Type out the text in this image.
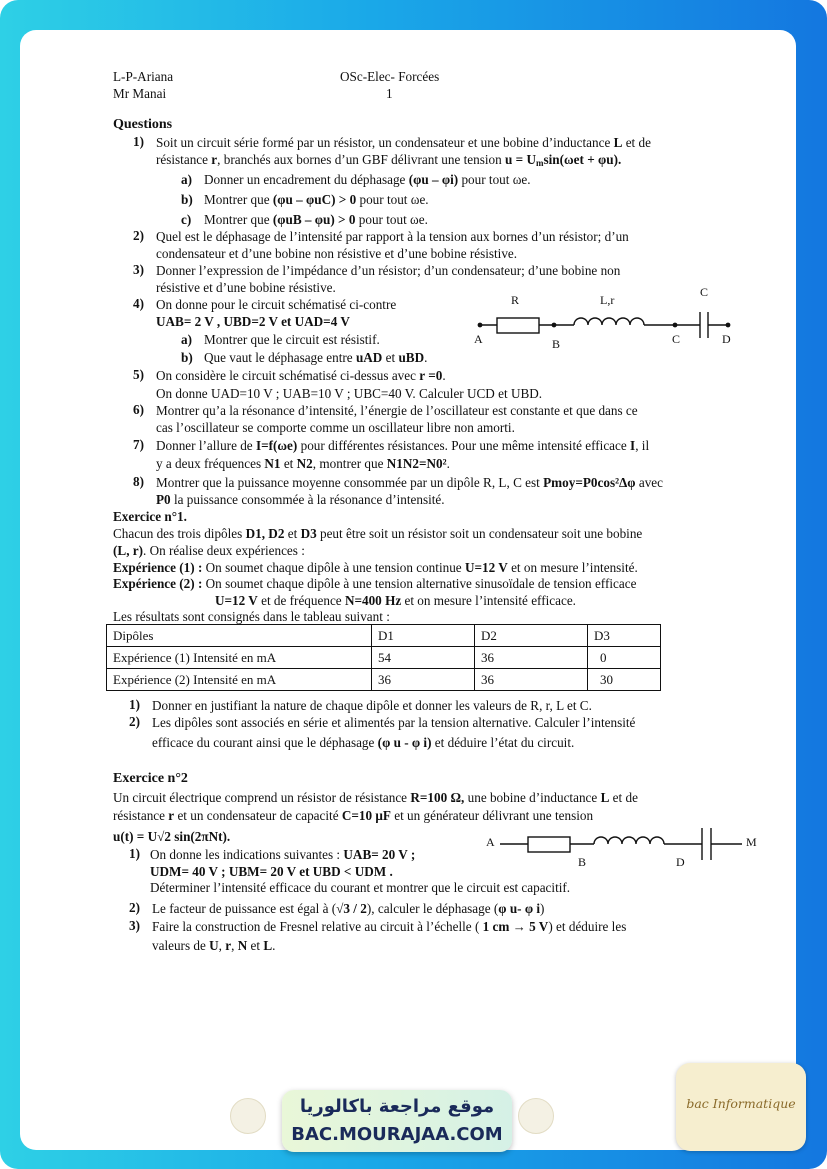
L-P-Ariana	OSc-Elec- Forcées
Mr Manai	1
Questions
1) Soit un circuit série formé par un résistor, un condensateur et une bobine d’inductance L et de
résistance r, branchés aux bornes d’un GBF délivrant une tension $u = U_m\sin(\omega et + \varphi u)$.
a) Donner un encadrement du déphasage (φu – φi) pour tout ωe.
b) Montrer que (φu – φuC) > 0 pour tout ωe.
c) Montrer que (φuB – φu) > 0 pour tout ωe.
2) Quel est le déphasage de l’intensité par rapport à la tension aux bornes d’un résistor; d’un
condensateur et d’une bobine non résistive et d’une bobine résistive.
3) Donner l’expression de l’impédance d’un résistor; d’un condensateur; d’une bobine non
résistive et d’une bobine résistive.
4) On donne pour le circuit schématisé ci-contre
UAB= 2 V , UBD=2 V et UAD=4 V
a) Montrer que le circuit est résistif.
b) Que vaut le déphasage entre uAD et uBD.
R	L,r
C
A	B	C	D
5) On considère le circuit schématisé ci-dessus avec r =0.
On donne UAD=10 V ; UAB=10 V ; UBC=40 V. Calculer UCD et UBD.
6) Montrer qu’a la résonance d’intensité, l’énergie de l’oscillateur est constante et que dans ce
cas l’oscillateur se comporte comme un oscillateur libre non amorti.
7) Donner l’allure de I=f(ωe) pour différentes résistances. Pour une même intensité efficace I, il
y a deux fréquences N1 et N2, montrer que N1N2=N0².
8) Montrer que la puissance moyenne consommée par un dipôle R, L, C est Pmoy=P0cos²Δφ avec
P0 la puissance consommée à la résonance d’intensité.
Exercice n°1.
Chacun des trois dipôles D1, D2 et D3 peut être soit un résistor soit un condensateur soit une bobine
(L, r). On réalise deux expériences :
Expérience (1) : On soumet chaque dipôle à une tension continue U=12 V et on mesure l’intensité.
Expérience (2) : On soumet chaque dipôle à une tension alternative sinusoïdale de tension efficace
U=12 V et de fréquence N=400 Hz et on mesure l’intensité efficace.
Les résultats sont consignés dans le tableau suivant :
Dipôles	D1	D2	D3
Expérience (1) Intensité en mA	54	36	0
Expérience (2) Intensité en mA	36	36	30
1) Donner en justifiant la nature de chaque dipôle et donner les valeurs de R, r, L et C.
2) Les dipôles sont associés en série et alimentés par la tension alternative. Calculer l’intensité
efficace du courant ainsi que le déphasage (φ u - φ i) et déduire l’état du circuit.
Exercice n°2
Un circuit électrique comprend un résistor de résistance R=100 Ω, une bobine d’inductance L et de
résistance r et un condensateur de capacité C=10 μF et un générateur délivrant une tension
u(t) = U√2 sin(2πNt).
1) On donne les indications suivantes : UAB= 20 V ;
UDM= 40 V ; UBM= 20 V et UBD < UDM .
Déterminer l’intensité efficace du courant et montrer que le circuit est capacitif.
A
B	D
M
2) Le facteur de puissance est égal à (√3 / 2), calculer le déphasage (φ u- φ i)
3) Faire la construction de Fresnel relative au circuit à l’échelle ( 1 cm → 5 V) et déduire les
valeurs de U, r, N et L.
موقع مراجعة باكالوريا
BAC.MOURAJAA.COM
bac Informatique
